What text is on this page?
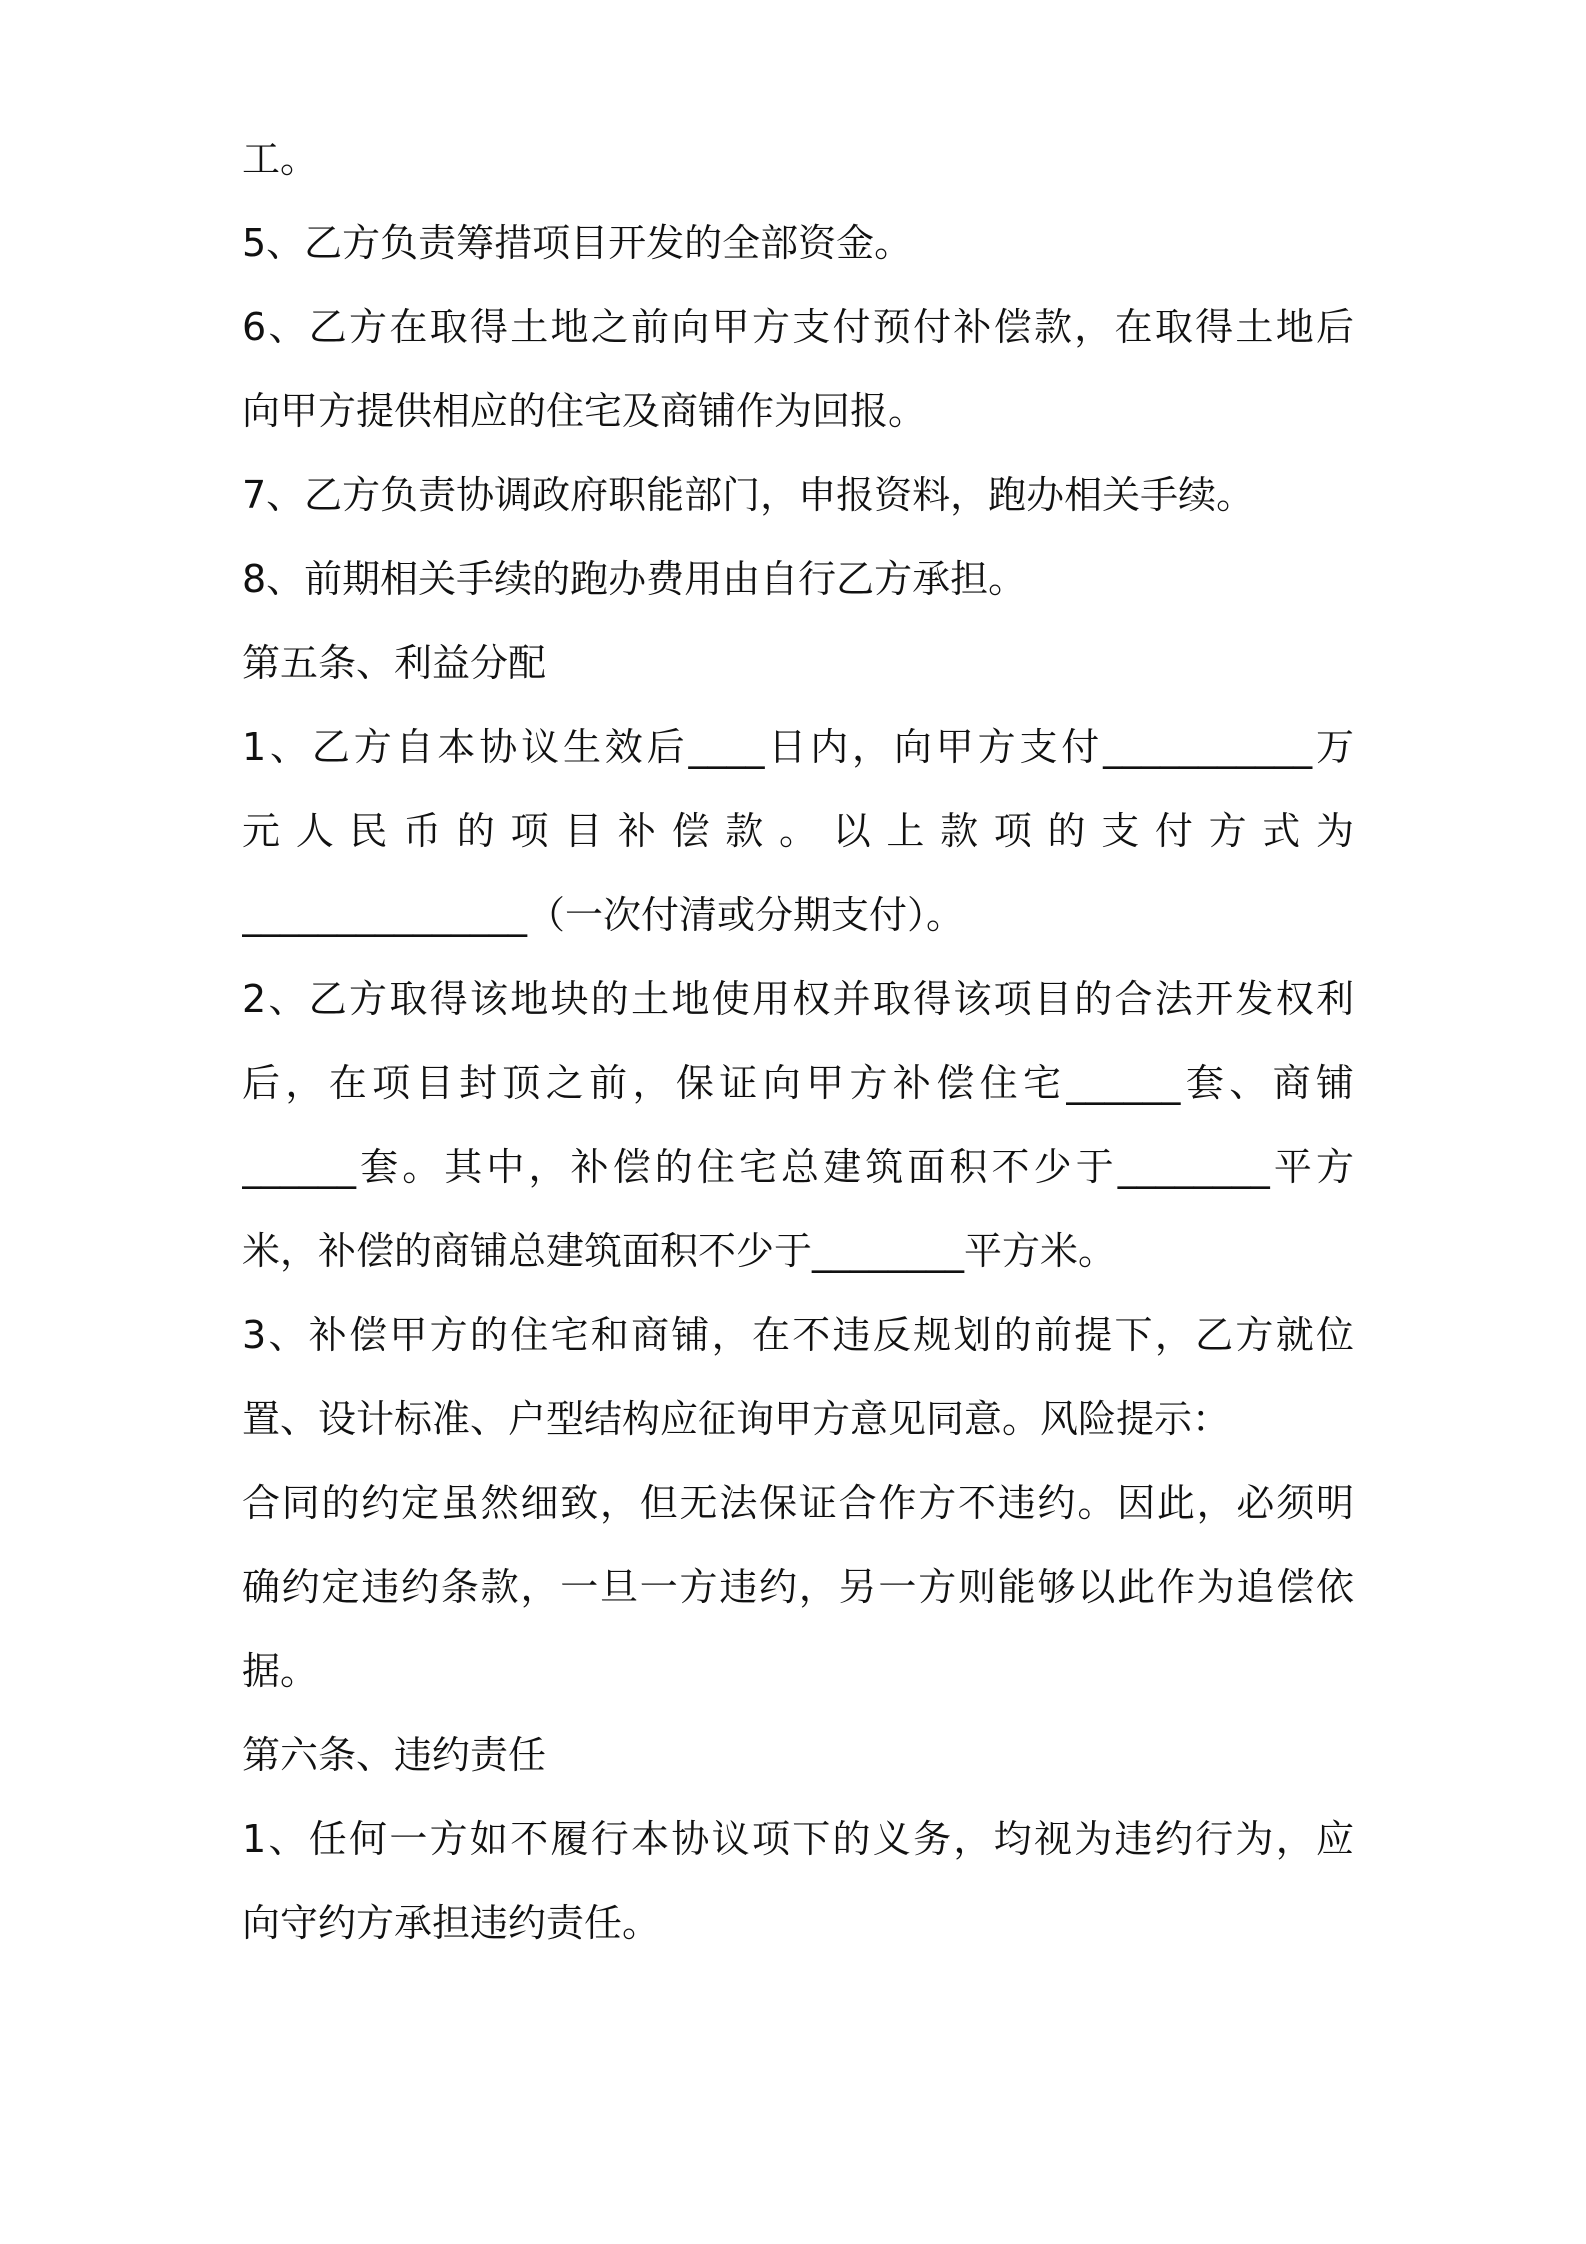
工。

5、乙方负责筹措项目开发的全部资金。

6、乙方在取得土地之前向甲方支付预付补偿款，在取得土地后

向甲方提供相应的住宅及商铺作为回报。

7、乙方负责协调政府职能部门，申报资料，跑办相关手续。

8、前期相关手续的跑办费用由自行乙方承担。

第五条、利益分配

1、乙方自本协议生效后____日内，向甲方支付___________万

元 人 民 币 的 项 目 补 偿 款 。 以 上 款 项 的 支 付 方 式 为

_______________（一次付清或分期支付）。

2、乙方取得该地块的土地使用权并取得该项目的合法开发权利

后，在项目封顶之前，保证向甲方补偿住宅______套、商铺

______套。其中，补偿的住宅总建筑面积不少于________平方

米，补偿的商铺总建筑面积不少于________平方米。

3、补偿甲方的住宅和商铺，在不违反规划的前提下，乙方就位

置、设计标准、户型结构应征询甲方意见同意。风险提示：

合同的约定虽然细致，但无法保证合作方不违约。因此，必须明

确约定违约条款，一旦一方违约，另一方则能够以此作为追偿依

据。

第六条、违约责任

1、任何一方如不履行本协议项下的义务，均视为违约行为，应

向守约方承担违约责任。
